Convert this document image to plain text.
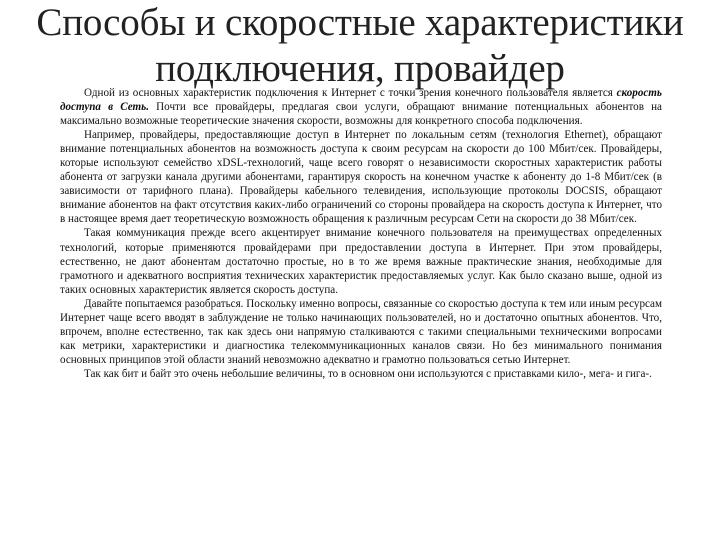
Способы и скоростные характеристики
подключения, провайдер

Одной из основных характеристик подключения к Интернет с точки зрения конечного пользователя является скорость доступа в Сеть. Почти все провайдеры, предлагая свои услуги, обращают внимание потенциальных абонентов на максимально возможные теоретические значения скорости, возможны для конкретного способа подключения.

Например, провайдеры, предоставляющие доступ в Интернет по локальным сетям (технология Ethernet), обращают внимание потенциальных абонентов на возможность доступа к своим ресурсам на скорости до 100 Мбит/сек. Провайдеры, которые используют семейство xDSL-технологий, чаще всего говорят о независимости скоростных характеристик работы абонента от загрузки канала другими абонентами, гарантируя скорость на конечном участке к абоненту до 1-8 Мбит/сек (в зависимости от тарифного плана). Провайдеры кабельного телевидения, использующие протоколы DOCSIS, обращают внимание абонентов на факт отсутствия каких-либо ограничений со стороны провайдера на скорость доступа к Интернет, что в настоящее время дает теоретическую возможность обращения к различным ресурсам Сети на скорости до 38 Мбит/сек.

Такая коммуникация прежде всего акцентирует внимание конечного пользователя на преимуществах определенных технологий, которые применяются провайдерами при предоставлении доступа в Интернет. При этом провайдеры, естественно, не дают абонентам достаточно простые, но в то же время важные практические знания, необходимые для грамотного и адекватного восприятия технических характеристик предоставляемых услуг. Как было сказано выше, одной из таких основных характеристик является скорость доступа.

Давайте попытаемся разобраться. Поскольку именно вопросы, связанные со скоростью доступа к тем или иным ресурсам Интернет чаще всего вводят в заблуждение не только начинающих пользователей, но и достаточно опытных абонентов. Что, впрочем, вполне естественно, так как здесь они напрямую сталкиваются с такими специальными техническими вопросами как метрики, характеристики и диагностика телекоммуникационных каналов связи. Но без минимального понимания основных принципов этой области знаний невозможно адекватно и грамотно пользоваться сетью Интернет.

Так как бит и байт это очень небольшие величины, то в основном они используются с приставками кило-, мега- и гига-.
